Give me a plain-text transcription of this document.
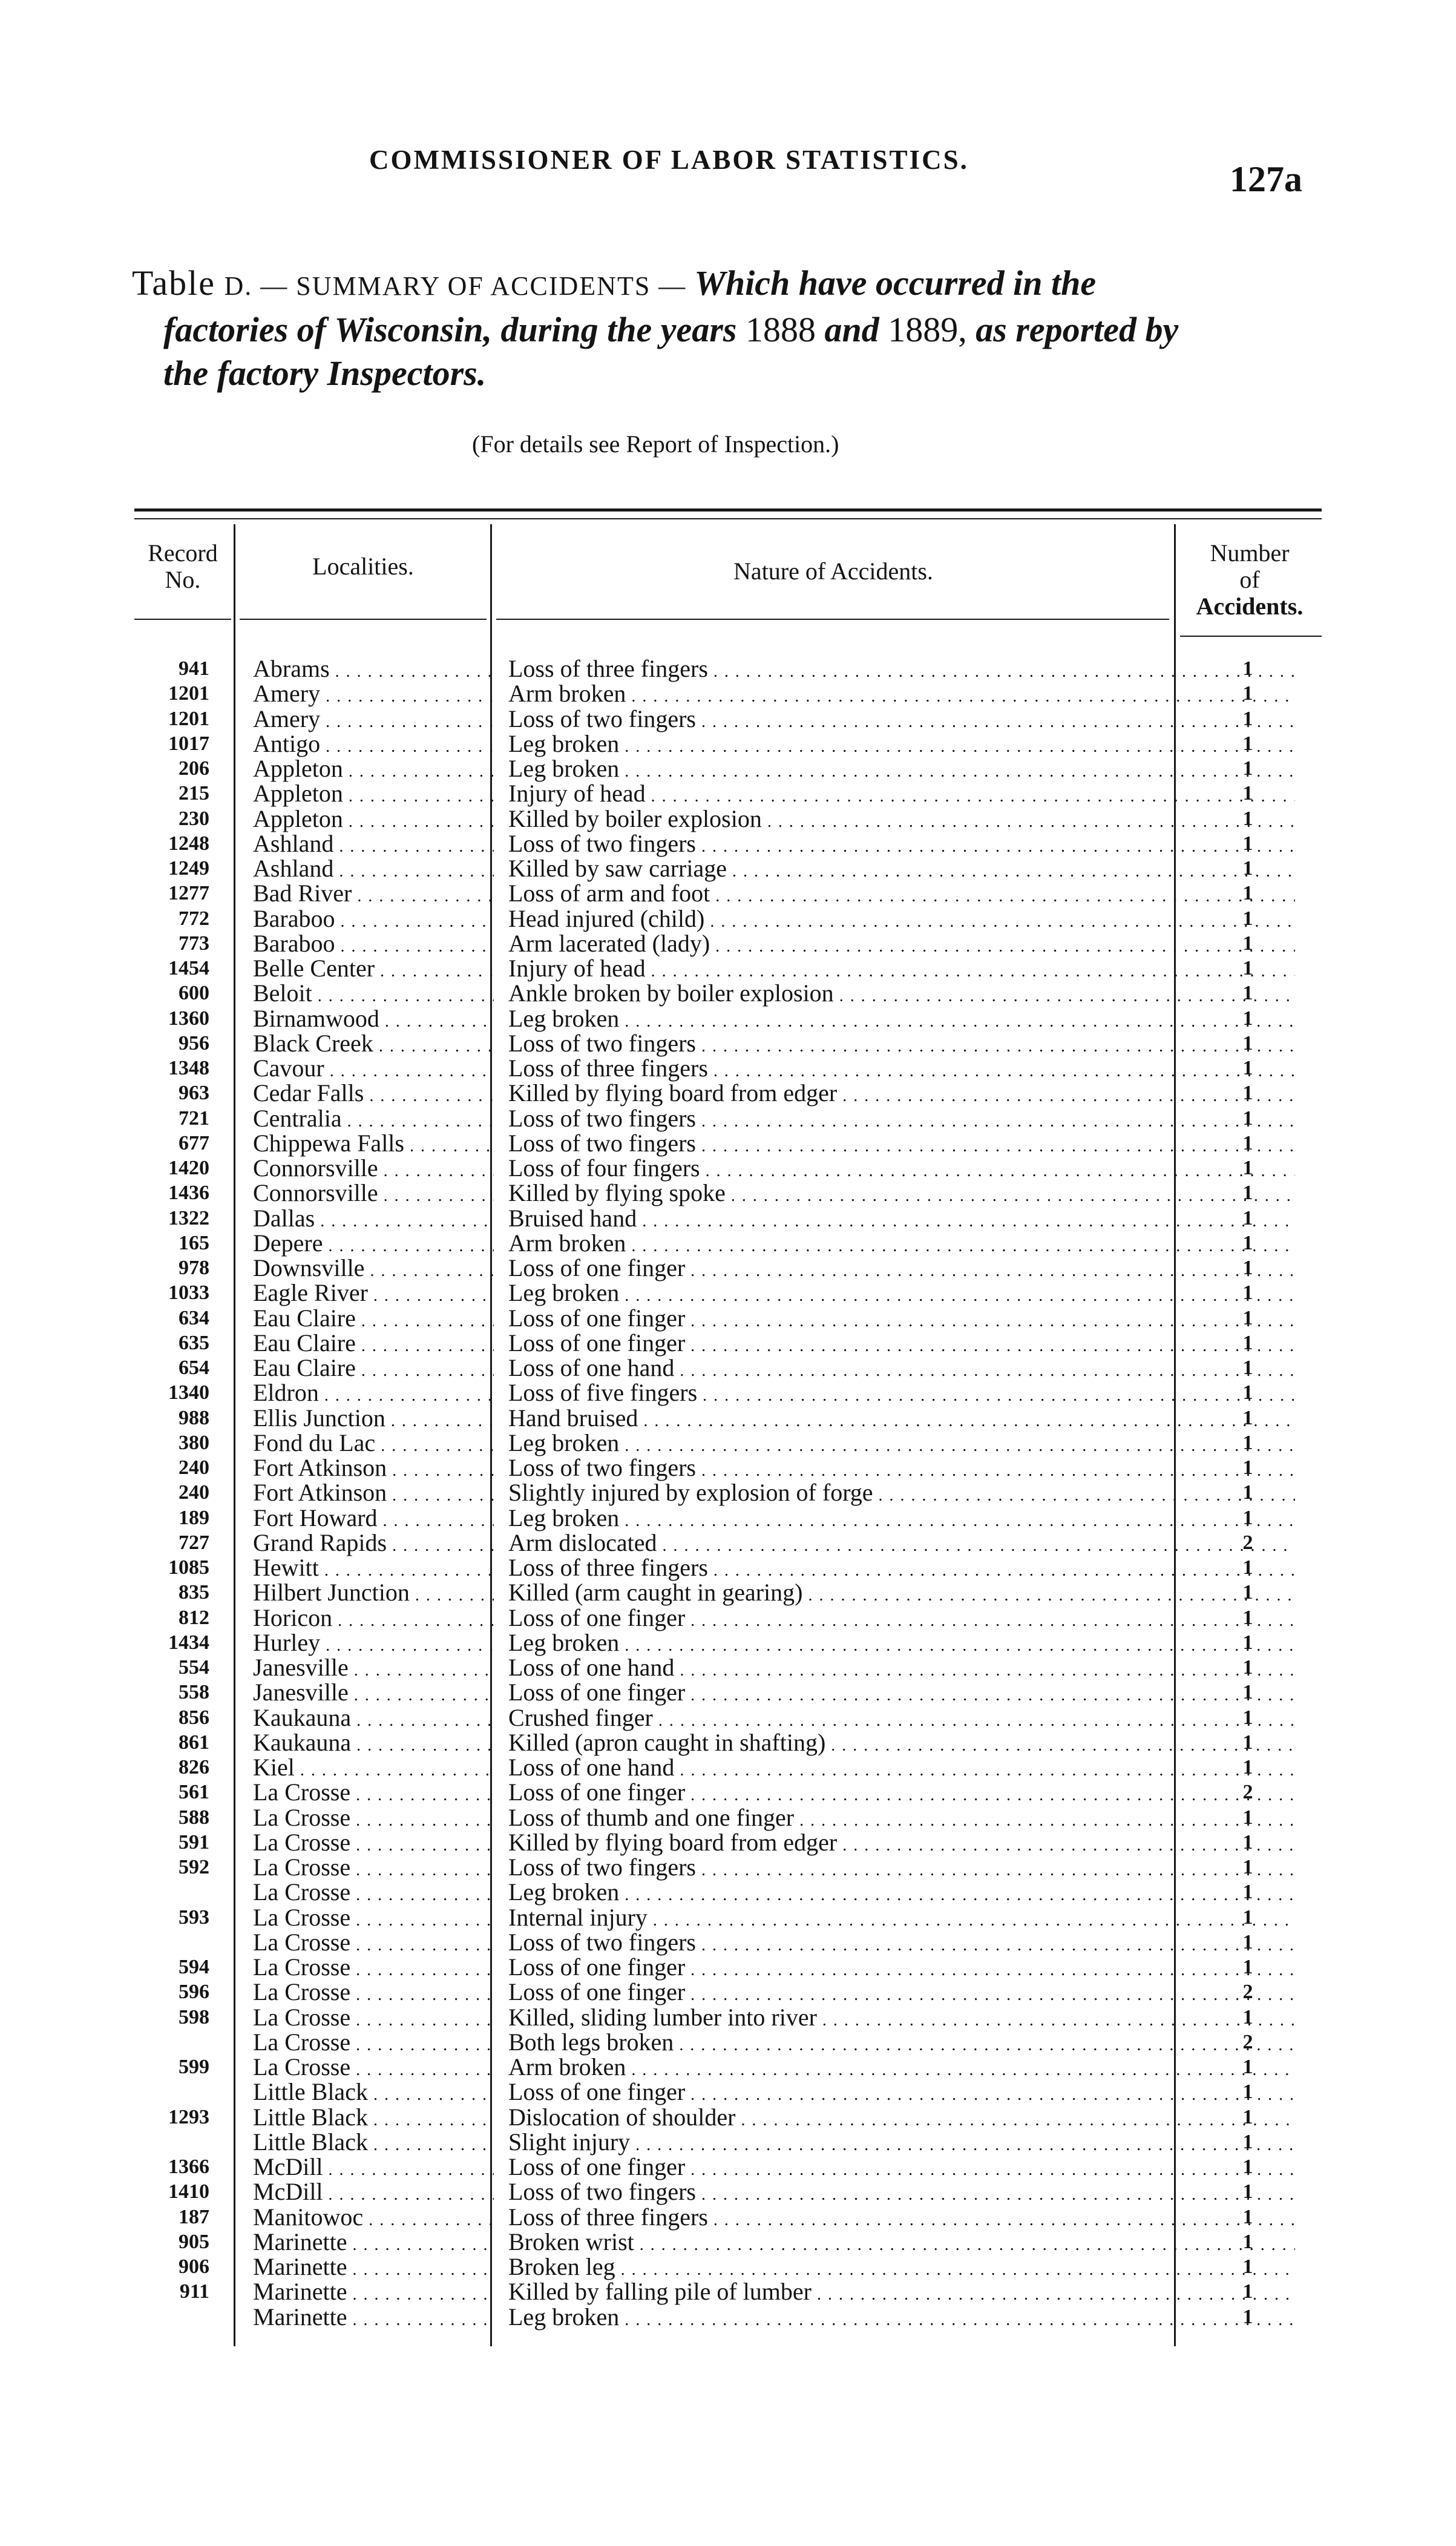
COMMISSIONER OF LABOR STATISTICS.	127a
Table D. — SUMMARY OF ACCIDENTS — Which have occurred in the
factories of Wisconsin, during the years 1888 and 1889, as reported by
the factory Inspectors.
(For details see Report of Inspection.)
Record
No.	Localities.	Nature of Accidents.
Number
of
Accidents.
941 Abrams . . .	Loss of three fingers . . .	1
1201 Amery . . .	Arm broken . . .	1
1201 Amery . . .	Loss of two fingers . . .	1
1017 Antigo . . .	Leg broken . . .	1
206 Appleton . . .	Leg broken . . .	1
215 Appleton . . .	Injury of head . . .	1
230 Appleton . . .	Killed by boiler explosion . . .	1
1248 Ashland . . .	Loss of two fingers . . .	1
1249 Ashland . . .	Killed by saw carriage . . .	1
1277 Bad River . . .	Loss of arm and foot . . .	1
772 Baraboo . . .	Head injured (child) . . .	1
773 Baraboo . . .	Arm lacerated (lady) . . .	1
1454 Belle Center . . .	Injury of head . . .	1
600 Beloit . . .	Ankle broken by boiler explosion . . .	1
1360 Birnamwood . . .	Leg broken . . .	1
956 Black Creek . . .	Loss of two fingers . . .	1
1348 Cavour . . .	Loss of three fingers . . .	1
963 Cedar Falls . . .	Killed by flying board from edger . . .	1
721 Centralia . . .	Loss of two fingers . . .	1
677 Chippewa Falls . . .	Loss of two fingers . . .	1
1420 Connorsville . . .	Loss of four fingers . . .	1
1436 Connorsville . . .	Killed by flying spoke . . .	1
1322 Dallas . . .	Bruised hand . . .	1
165 Depere . . .	Arm broken . . .	1
978 Downsville . . .	Loss of one finger . . .	1
1033 Eagle River . . .	Leg broken . . .	1
634 Eau Claire . . .	Loss of one finger . . .	1
635 Eau Claire . . .	Loss of one finger . . .	1
654 Eau Claire . . .	Loss of one hand . . .	1
1340 Eldron . . .	Loss of five fingers . . .	1
988 Ellis Junction . . .	Hand bruised . . .	1
380 Fond du Lac . . .	Leg broken . . .	1
240 Fort Atkinson . . .	Loss of two fingers . . .	1
240 Fort Atkinson . . .	Slightly injured by explosion of forge . . .	1
189 Fort Howard . . .	Leg broken . . .	1
727 Grand Rapids . . .	Arm dislocated . . .	2
1085 Hewitt . . .	Loss of three fingers . . .	1
835 Hilbert Junction . . .	Killed (arm caught in gearing) . . .	1
812 Horicon . . .	Loss of one finger . . .	1
1434 Hurley . . .	Leg broken . . .	1
554 Janesville . . .	Loss of one hand . . .	1
558 Janesville . . .	Loss of one finger . . .	1
856 Kaukauna . . .	Crushed finger . . .	1
861 Kaukauna . . .	Killed (apron caught in shafting) . . .	1
826 Kiel . . .	Loss of one hand . . .	1
561 La Crosse . . .	Loss of one finger . . .	2
588 La Crosse . . .	Loss of thumb and one finger . . .	1
591 La Crosse . . .	Killed by flying board from edger . . .	1
592 La Crosse . . .	Loss of two fingers . . .	1
La Crosse . . .	Leg broken . . .	1
593 La Crosse . . .	Internal injury . . .	1
La Crosse . . .	Loss of two fingers . . .	1
594 La Crosse . . .	Loss of one finger . . .	1
596 La Crosse . . .	Loss of one finger . . .	2
598 La Crosse . . .	Killed, sliding lumber into river . . .	1
La Crosse . . .	Both legs broken . . .	2
599 La Crosse . . .	Arm broken . . .	1
Little Black . . .	Loss of one finger . . .	1
1293 Little Black . . .	Dislocation of shoulder . . .	1
Little Black . . .	Slight injury . . .	1
1366 McDill . . .	Loss of one finger . . .	1
1410 McDill . . .	Loss of two fingers . . .	1
187 Manitowoc . . .	Loss of three fingers . . .	1
905 Marinette . . .	Broken wrist . . .	1
906 Marinette . . .	Broken leg . . .	1
911 Marinette . . .	Killed by falling pile of lumber . . .	1
Marinette . . .	Leg broken . . .	1
